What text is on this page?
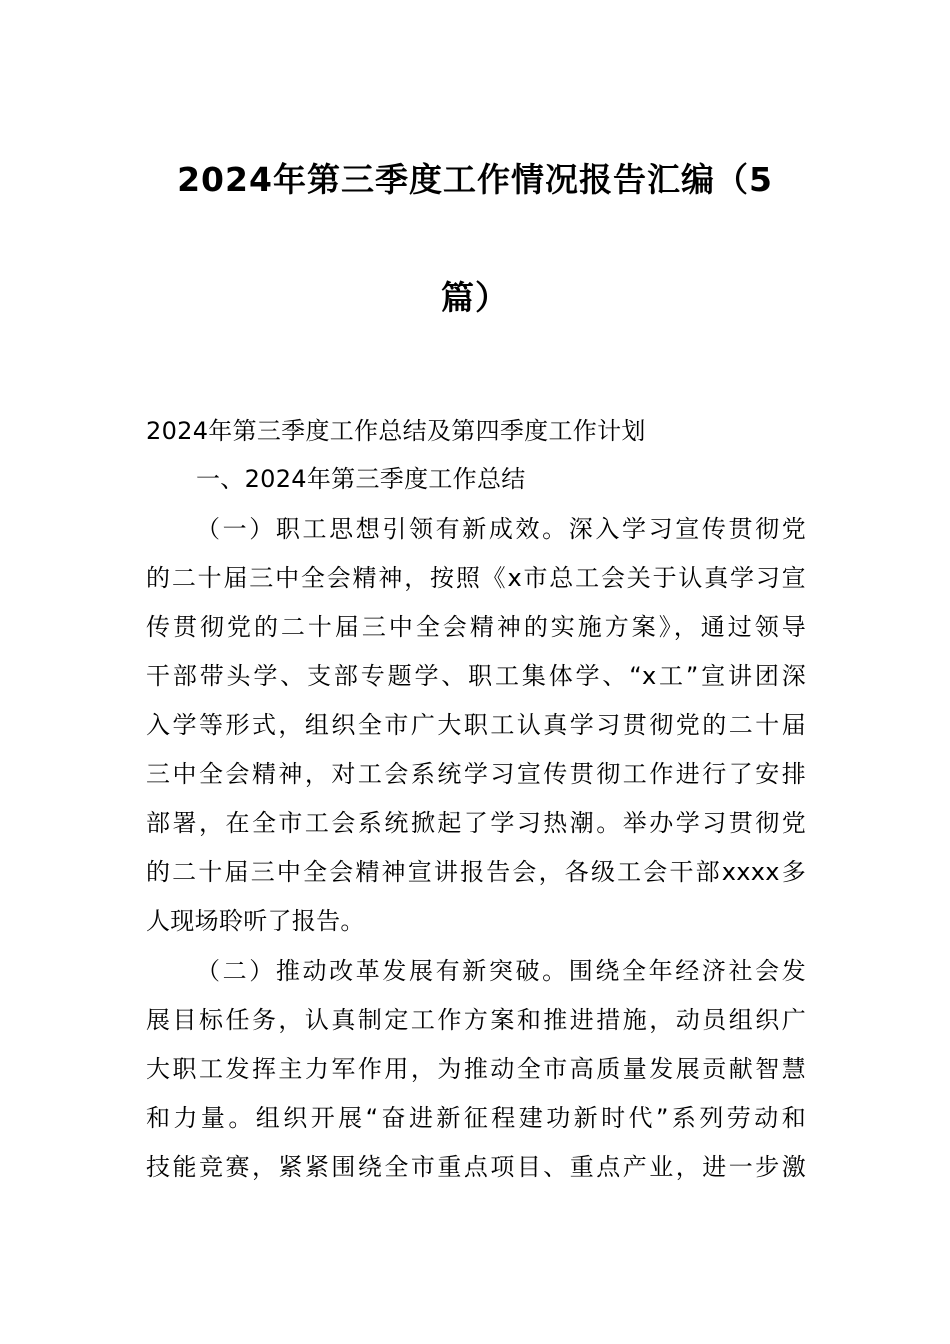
2024年第三季度工作情况报告汇编（5
篇）
2024年第三季度工作总结及第四季度工作计划
一、2024年第三季度工作总结
（一）职工思想引领有新成效。深入学习宣传贯彻党
的二十届三中全会精神，按照《x市总工会关于认真学习宣
传贯彻党的二十届三中全会精神的实施方案》，通过领导
干部带头学、支部专题学、职工集体学、“x工”宣讲团深
入学等形式，组织全市广大职工认真学习贯彻党的二十届
三中全会精神，对工会系统学习宣传贯彻工作进行了安排
部署，在全市工会系统掀起了学习热潮。举办学习贯彻党
的二十届三中全会精神宣讲报告会，各级工会干部xxxx多
人现场聆听了报告。
（二）推动改革发展有新突破。围绕全年经济社会发
展目标任务，认真制定工作方案和推进措施，动员组织广
大职工发挥主力军作用，为推动全市高质量发展贡献智慧
和力量。组织开展“奋进新征程建功新时代”系列劳动和
技能竞赛，紧紧围绕全市重点项目、重点产业，进一步激
